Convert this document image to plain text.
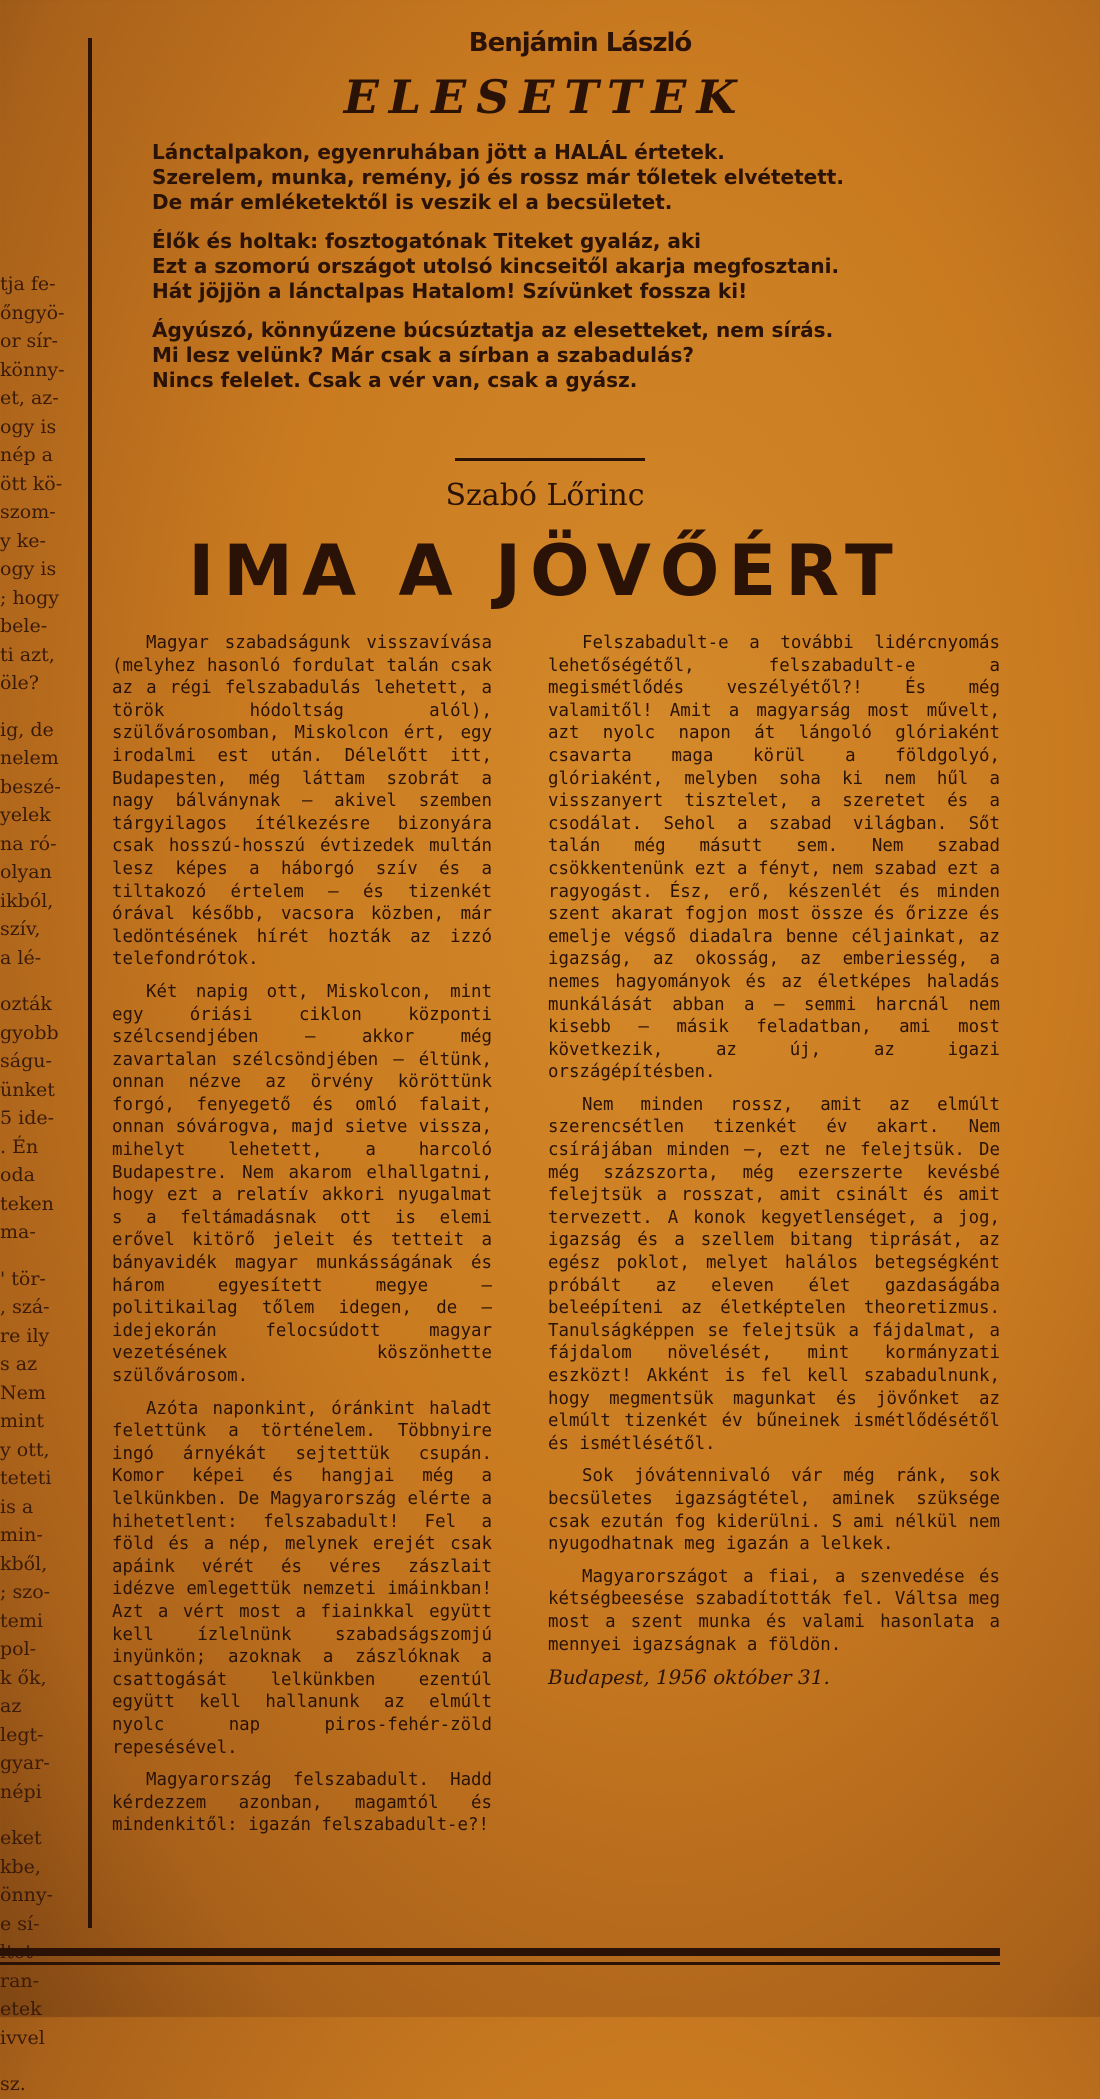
tja fe-
őngyö-
or sír-
könny-
et, az-
ogy is
nép a
ött kö-
szom-
y ke-
ogy is
; hogy
bele-
ti azt,
öle?
ig, de
nelem
beszé-
yelek
na ró-
olyan
ikból,
szív,
a lé-
ozták
gyobb
ságu-
ünket
5 ide-
. Én
oda
teken
ma-
' tör-
, szá-
re ily
s az
Nem
mint
y ott,
teteti
is a
min-
kből,
; szo-
temi
pol-
k ők,
az
legt-
gyar-
népi
eket
kbe,
önny-
e sí-
ran-
etek
ivvel
sz.
Benjámin László
ELESETTEK
Lánctalpakon, egyenruhában jött a HALÁL értetek.
Szerelem, munka, remény, jó és rossz már tőletek elvétetett.
De már emléketektől is veszik el a becsületet.
Élők és holtak: fosztogatónak Titeket gyaláz, aki
Ezt a szomorú országot utolsó kincseitől akarja megfosztani.
Hát jöjjön a lánctalpas Hatalom! Szívünket fossza ki!
Ágyúszó, könnyűzene búcsúztatja az elesetteket, nem sírás.
Mi lesz velünk? Már csak a sírban a szabadulás?
Nincs felelet. Csak a vér van, csak a gyász.
Szabó Lőrinc
IMA A JÖVŐÉRT

Magyar szabadságunk visszavívása (melyhez hasonló fordulat talán csak az a régi felszabadulás lehetett, a török hódoltság alól), szülővárosomban, Miskolcon ért, egy irodalmi est után. Délelőtt itt, Budapesten, még láttam szobrát a nagy bálványnak — akivel szemben tárgyilagos ítélkezésre bizonyára csak hosszú-hosszú évtizedek multán lesz képes a háborgó szív és a tiltakozó értelem — és tizenkét órával később, vacsora közben, már ledöntésének hírét hozták az izzó telefondrótok.

Két napig ott, Miskolcon, mint egy óriási ciklon központi szélcsendjében — akkor még zavartalan szélcsöndjében — éltünk, onnan nézve az örvény köröttünk forgó, fenyegető és omló falait, onnan sóvárogva, majd sietve vissza, mihelyt lehetett, a harcoló Budapestre. Nem akarom elhallgatni, hogy ezt a relatív akkori nyugalmat s a feltámadásnak ott is elemi erővel kitörő jeleit és tetteit a bányavidék magyar munkásságának és három egyesített megye — politikailag tőlem idegen, de — idejekorán felocsúdott magyar vezetésének köszönhette szülővárosom.

Azóta naponkint, óránkint haladt felettünk a történelem. Többnyire ingó árnyékát sejtettük csupán. Komor képei és hangjai még a lelkünkben. De Magyarország elérte a hihetetlent: felszabadult! Fel a föld és a nép, melynek erejét csak apáink vérét és véres zászlait idézve emlegettük nemzeti imáinkban! Azt a vért most a fiainkkal együtt kell ízlelnünk szabadságszomjú inyünkön; azoknak a zászlóknak a csattogását lelkünkben ezentúl együtt kell hallanunk az elmúlt nyolc nap piros-fehér-zöld repesésével.

Magyarország felszabadult. Hadd kérdezzem azonban, magamtól és mindenkitől: igazán felszabadult-e?!

Felszabadult-e a további lidércnyomás lehetőségétől, felszabadult-e a megismétlődés veszélyétől?! És még valamitől! Amit a magyarság most művelt, azt nyolc napon át lángoló glóriaként csavarta maga körül a földgolyó, glóriaként, melyben soha ki nem hűl a visszanyert tisztelet, a szeretet és a csodálat. Sehol a szabad világban. Sőt talán még másutt sem. Nem szabad csökkentenünk ezt a fényt, nem szabad ezt a ragyogást. Ész, erő, készenlét és minden szent akarat fogjon most össze és őrizze és emelje végső diadalra benne céljainkat, az igazság, az okosság, az emberiesség, a nemes hagyományok és az életképes haladás munkálását abban a — semmi harcnál nem kisebb — másik feladatban, ami most következik, az új, az igazi országépítésben.

Nem minden rossz, amit az elmúlt szerencsétlen tizenkét év akart. Nem csírájában minden —, ezt ne felejtsük. De még százszorta, még ezerszerte kevésbé felejtsük a rosszat, amit csinált és amit tervezett. A konok kegyetlenséget, a jog, igazság és a szellem bitang tiprását, az egész poklot, melyet halálos betegségként próbált az eleven élet gazdaságába beleépíteni az életképtelen theoretizmus. Tanulságképpen se felejtsük a fájdalmat, a fájdalom növelését, mint kormányzati eszközt! Akként is fel kell szabadulnunk, hogy megmentsük magunkat és jövőnket az elmúlt tizenkét év bűneinek ismétlődésétől és ismétlésétől.

Sok jóvátennivaló vár még ránk, sok becsületes igazságtétel, aminek szüksége csak ezután fog kiderülni. S ami nélkül nem nyugodhatnak meg igazán a lelkek.

Magyarországot a fiai, a szenvedése és kétségbeesése szabadították fel. Váltsa meg most a szent munka és valami hasonlata a mennyei igazságnak a földön.

Budapest, 1956 október 31.
